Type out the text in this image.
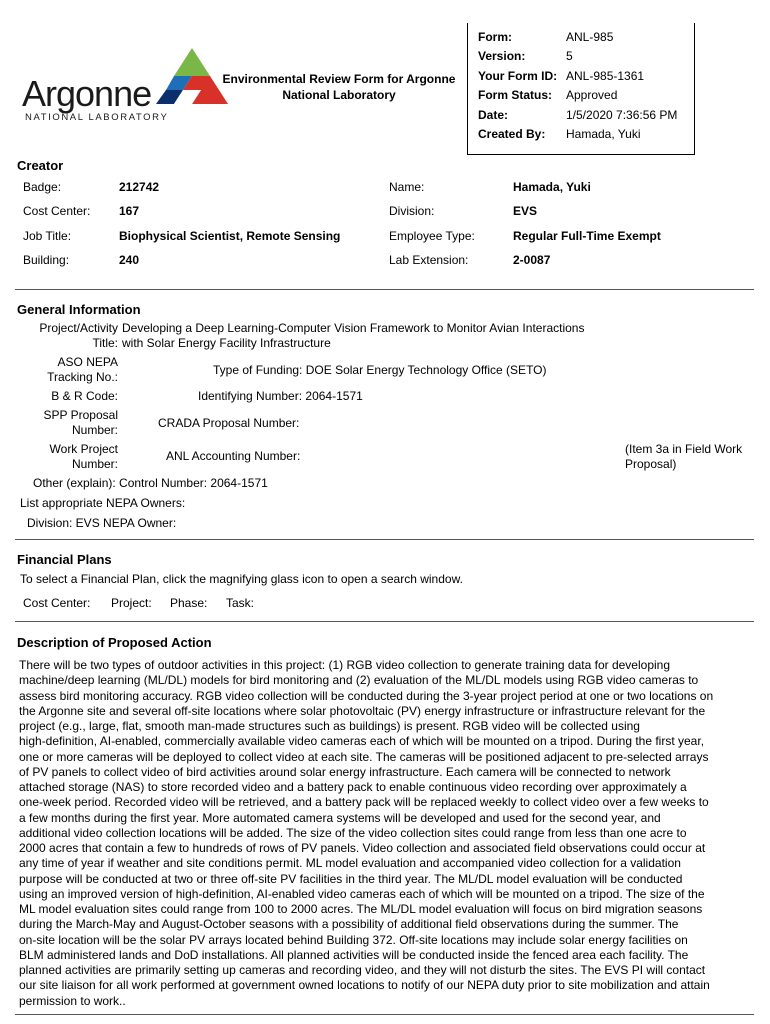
Argonne
NATIONAL LABORATORY
Environmental Review Form for Argonne
National Laboratory
Form:	ANL-985
Version:	5
Your Form ID: ANL-985-1361
Form Status: Approved
Date:	1/5/2020 7:36:56 PM
Created By: Hamada, Yuki
Creator
Badge:	212742	Name:	Hamada, Yuki
Cost Center: 167	Division:	EVS
Job Title:	Biophysical Scientist, Remote Sensing	Employee Type:	Regular Full-Time Exempt
Building:	240	Lab Extension:	2-0087
General Information
Project/Activity
Title:
Developing a Deep Learning-Computer Vision Framework to Monitor Avian Interactions
with Solar Energy Facility Infrastructure
ASO NEPA
Tracking No.:	Type of Funding: DOE Solar Energy Technology Office (SETO)
B & R Code:	Identifying Number: 2064-1571
SPP Proposal
Number:	CRADA Proposal Number:
Work Project
Number:
ANL Accounting Number:	(Item 3a in Field Work
Proposal)
Other (explain): Control Number: 2064-1571
List appropriate NEPA Owners:
Division: EVS NEPA Owner:
Financial Plans
To select a Financial Plan, click the magnifying glass icon to open a search window.
Cost Center: Project: Phase: Task:
Description of Proposed Action
There will be two types of outdoor activities in this project: (1) RGB video collection to generate training data for developing
machine/deep learning (ML/DL) models for bird monitoring and (2) evaluation of the ML/DL models using RGB video cameras to
assess bird monitoring accuracy. RGB video collection will be conducted during the 3-year project period at one or two locations on
the Argonne site and several off-site locations where solar photovoltaic (PV) energy infrastructure or infrastructure relevant for the
project (e.g., large, flat, smooth man-made structures such as buildings) is present. RGB video will be collected using
high-definition, AI-enabled, commercially available video cameras each of which will be mounted on a tripod. During the first year,
one or more cameras will be deployed to collect video at each site. The cameras will be positioned adjacent to pre-selected arrays
of PV panels to collect video of bird activities around solar energy infrastructure. Each camera will be connected to network
attached storage (NAS) to store recorded video and a battery pack to enable continuous video recording over approximately a
one-week period. Recorded video will be retrieved, and a battery pack will be replaced weekly to collect video over a few weeks to
a few months during the first year. More automated camera systems will be developed and used for the second year, and
additional video collection locations will be added. The size of the video collection sites could range from less than one acre to
2000 acres that contain a few to hundreds of rows of PV panels. Video collection and associated field observations could occur at
any time of year if weather and site conditions permit. ML model evaluation and accompanied video collection for a validation
purpose will be conducted at two or three off-site PV facilities in the third year. The ML/DL model evaluation will be conducted
using an improved version of high-definition, AI-enabled video cameras each of which will be mounted on a tripod. The size of the
ML model evaluation sites could range from 100 to 2000 acres. The ML/DL model evaluation will focus on bird migration seasons
during the March-May and August-October seasons with a possibility of additional field observations during the summer. The
on-site location will be the solar PV arrays located behind Building 372. Off-site locations may include solar energy facilities on
BLM administered lands and DoD installations. All planned activities will be conducted inside the fenced area each facility. The
planned activities are primarily setting up cameras and recording video, and they will not disturb the sites. The EVS PI will contact
our site liaison for all work performed at government owned locations to notify of our NEPA duty prior to site mobilization and attain
permission to work..
